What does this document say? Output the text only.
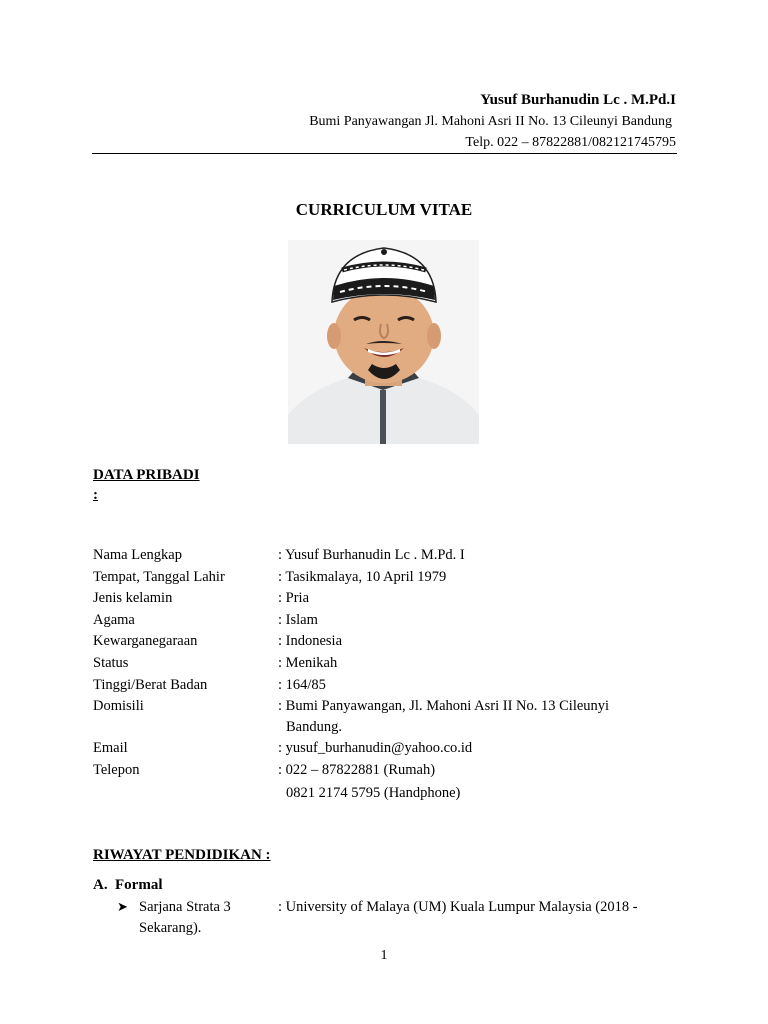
Yusuf Burhanudin Lc . M.Pd.I
Bumi Panyawangan Jl. Mahoni Asri II No. 13 Cileunyi Bandung
Telp. 022 – 87822881/082121745795
CURRICULUM VITAE
DATA PRIBADI
:
Nama Lengkap	: Yusuf Burhanudin Lc . M.Pd. I
Tempat, Tanggal Lahir	: Tasikmalaya, 10 April 1979
Jenis kelamin	: Pria
Agama	: Islam
Kewarganegaraan	: Indonesia
Status	: Menikah
Tinggi/Berat Badan	: 164/85
Domisili	: Bumi Panyawangan, Jl. Mahoni Asri II No. 13 Cileunyi
Bandung.
Email	: yusuf_burhanudin@yahoo.co.id
Telepon	: 022 – 87822881 (Rumah)
0821 2174 5795 (Handphone)
RIWAYAT PENDIDIKAN :
A. Formal
➤ Sarjana Strata 3	: University of Malaya (UM) Kuala Lumpur Malaysia (2018 -
Sekarang).
1
